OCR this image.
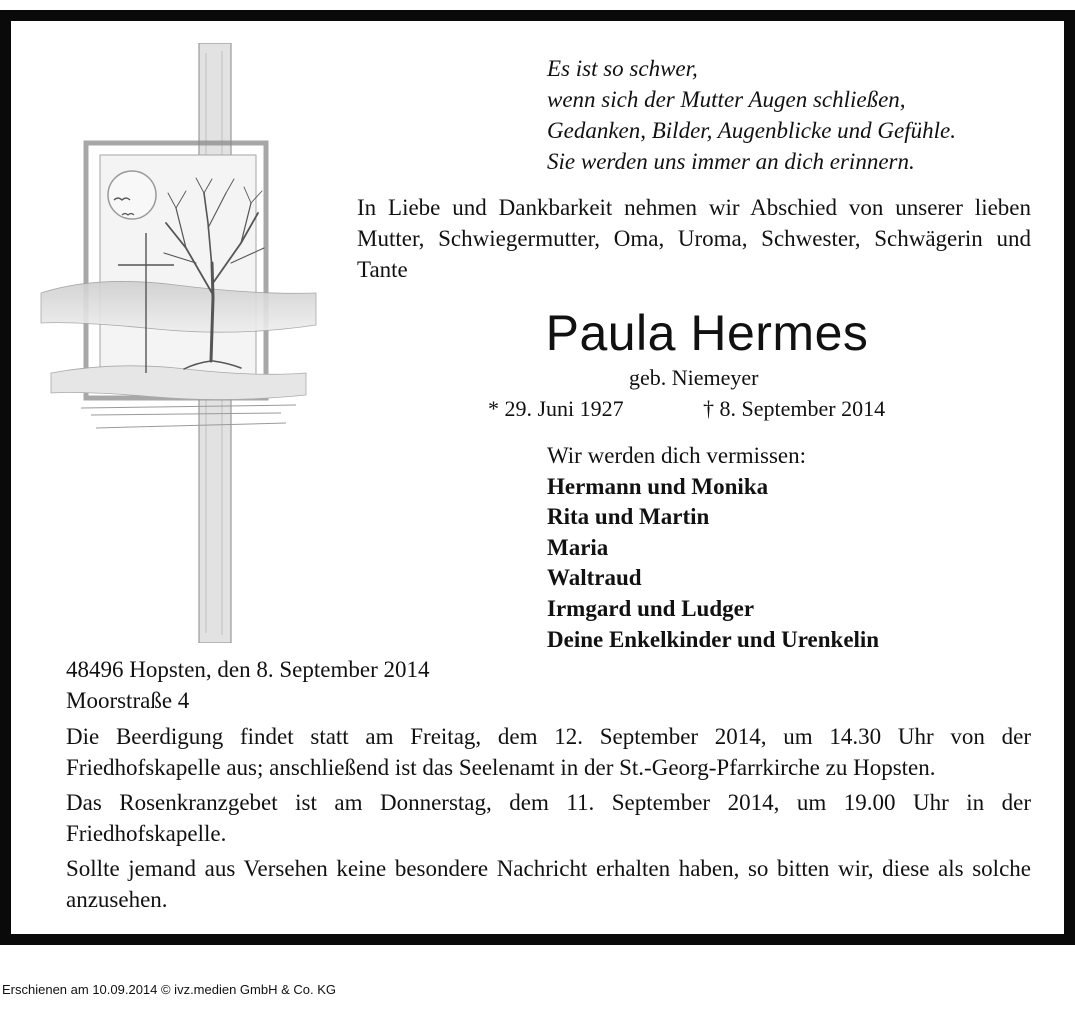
Es ist so schwer,
wenn sich der Mutter Augen schließen,
Gedanken, Bilder, Augenblicke und Gefühle.
Sie werden uns immer an dich erinnern.
In Liebe und Dankbarkeit nehmen wir Abschied von unserer lieben Mutter, Schwiegermutter, Oma, Uroma, Schwester, Schwägerin und Tante
Paula Hermes
geb. Niemeyer
* 29. Juni 1927	† 8. September 2014
Wir werden dich vermissen:
Hermann und Monika
Rita und Martin
Maria
Waltraud
Irmgard und Ludger
Deine Enkelkinder und Urenkelin
48496 Hopsten, den 8. September 2014
Moorstraße 4

Die Beerdigung findet statt am Freitag, dem 12. September 2014, um 14.30 Uhr von der Friedhofskapelle aus; anschließend ist das Seelenamt in der St.-Georg-Pfarrkirche zu Hopsten.

Das Rosenkranzgebet ist am Donnerstag, dem 11. September 2014, um 19.00 Uhr in der Friedhofskapelle.

Sollte jemand aus Versehen keine besondere Nachricht erhalten haben, so bitten wir, diese als solche anzusehen.

Erschienen am 10.09.2014 © ivz.medien GmbH & Co. KG
